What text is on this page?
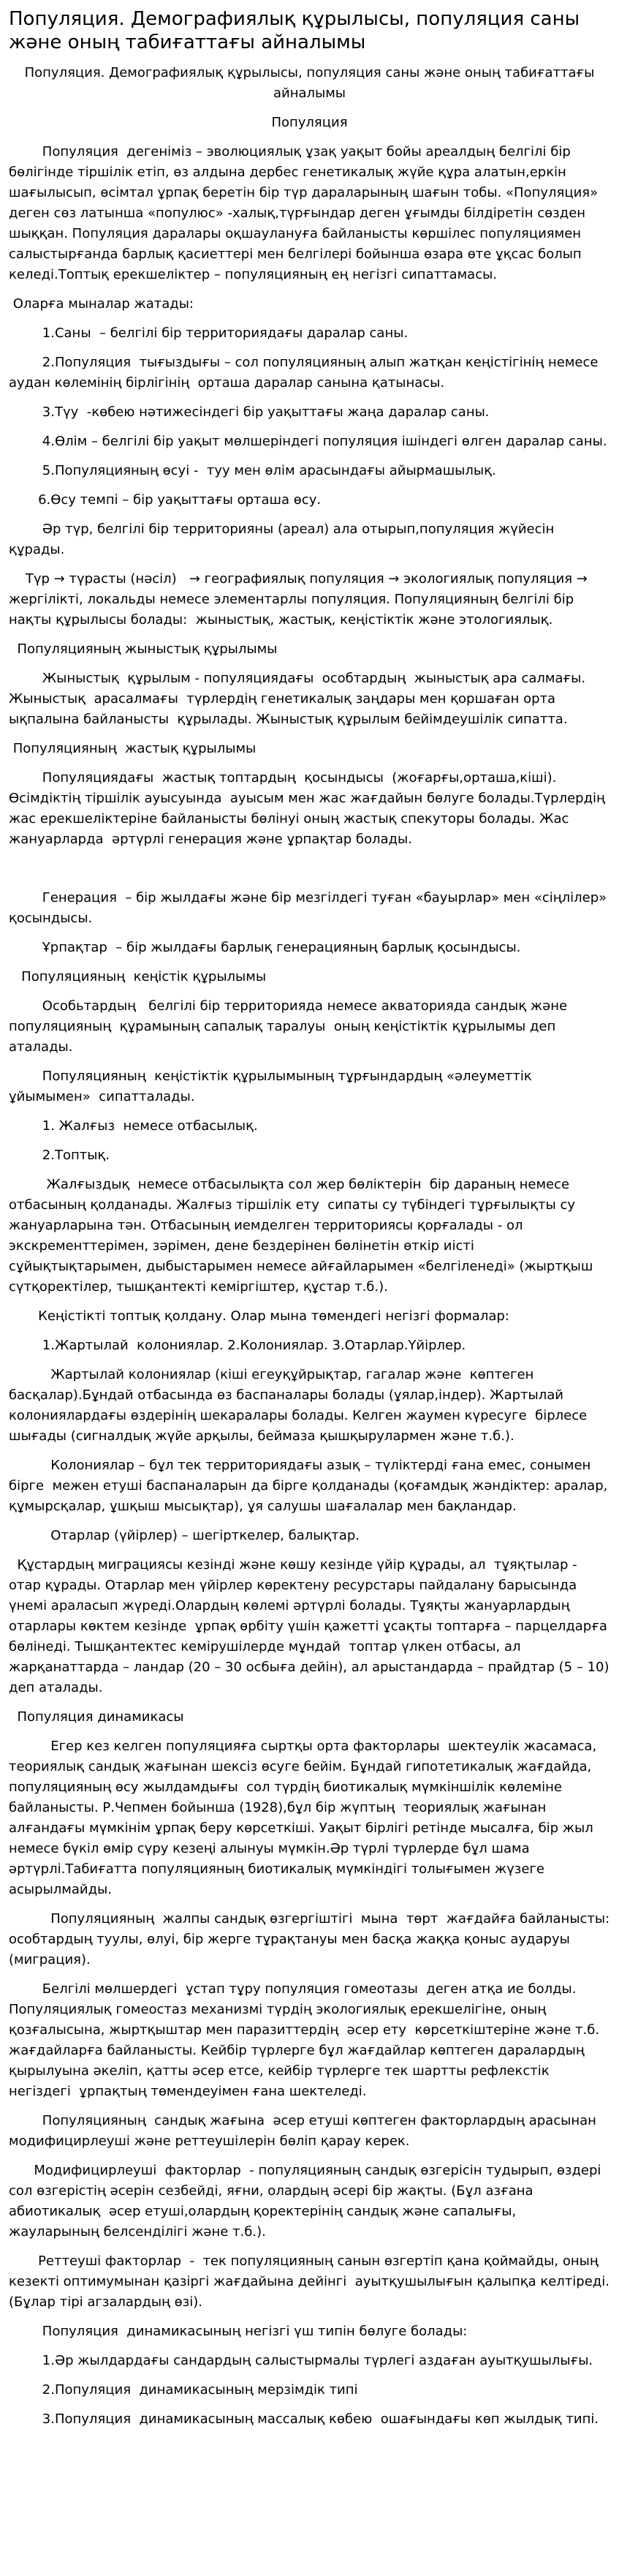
Популяция. Демографиялық құрылысы, популяция саны және оның табиғаттағы айналымы

Популяция. Демографиялық құрылысы, популяция саны және оның табиғаттағы айналымы

Популяция

Популяция  дегеніміз – эволюциялық ұзақ уақыт бойы ареалдың белгілі бір бөлігінде тіршілік етіп, өз алдына дербес генетикалық жүйе құра алатын,еркін шағылысып, өсімтал ұрпақ беретін бір түр дараларының шағын тобы. «Популяция» деген сөз латынша «популюс» -халық,түрғындар деген ұғымды білдіретін сөзден шыққан. Популяция даралары оқшаулануға байланысты көршілес популяциямен салыстырғанда барлық қасиеттері мен белгілері бойынша өзара өте ұқсас болып келеді.Топтық ерекшеліктер – популяцияның ең негізгі сипаттамасы.

Оларға мыналар жатады:

1.Саны  – белгілі бір территориядағы даралар саны.

2.Популяция  тығыздығы – сол популяцияның алып жатқан кеңістігінің немесе аудан көлемінің бірлігінің  орташа даралар санына қатынасы.

3.Түу  -көбею нәтижесіндегі бір уақыттағы жаңа даралар саны.

4.Өлім – белгілі бір уақыт мөлшеріндегі популяция ішіндегі өлген даралар саны.

5.Популяцияның өсуі -  туу мен өлім арасындағы айырмашылық.

6.Өсу темпі – бір уақыттағы орташа өсу.

Әр түр, белгілі бір территорияны (ареал) ала отырып,популяция жүйесін құрады.

Түр → түрасты (нәсіл)   → географиялық популяция → экологиялық популяция → жергілікті, локальды немесе элементарлы популяция. Популяцияның белгілі бір нақты құрылысы болады:  жыныстық, жастық, кеңістіктік және этологиялық.

Популяцияның жыныстық құрылымы

Жыныстық  құрылым - популяциядағы  особтардың  жыныстық ара салмағы. Жыныстық  арасалмағы  түрлердің генетикалық заңдары мен қоршаған орта  ықпалына байланысты  құрылады. Жыныстық құрылым бейімдеушілік сипатта.

Популяцияның  жастық құрылымы

Популяциядағы  жастық топтардың  қосындысы  (жоғарғы,орташа,кіші).  Өсімдіктің тіршілік ауысуында  ауысым мен жас жағдайын бөлуге болады.Түрлердің  жас ерекшеліктеріне байланысты бөлінуі оның жастық спекуторы болады. Жас жануарларда  әртүрлі генерация және ұрпақтар болады.

Генерация  – бір жылдағы және бір мезгілдегі туған «бауырлар» мен «сіңлілер»  қосындысы.

Ұрпақтар  – бір жылдағы барлық генерацияның барлық қосындысы.

Популяцияның  кеңістік құрылымы

Особьтардың   белгілі бір территорияда немесе акваторияда сандық және популяцияның  құрамының сапалық таралуы  оның кеңістіктік құрылымы деп аталады.

Популяцияның  кеңістіктік құрылымының тұрғындардың «әлеуметтік ұйымымен»  сипатталады.

1. Жалғыз  немесе отбасылық.

2.Топтық.

Жалғыздық  немесе отбасылықта сол жер бөліктерін  бір дараның немесе отбасының қолданады. Жалғыз тіршілік ету  сипаты су түбіндегі тұрғылықты су жануарларына тән. Отбасының иемделген территориясы қорғалады - ол экскременттерімен, зәрімен, дене бездерінен бөлінетін өткір иісті сұйықтықтарымен, дыбыстарымен немесе айғайларымен «белгіленеді» (жыртқыш сүтқоректілер, тышқантекті кеміргіштер, құстар т.б.).

Кеңістікті топтық қолдану. Олар мына төмендегі негізгі формалар:

1.Жартылай  колониялар. 2.Колониялар. 3.Отарлар.Үйірлер.

Жартылай колониялар (кіші егеуқұйрықтар, гагалар және  көптеген басқалар).Бұндай отбасында өз баспаналары болады (ұялар,індер). Жартылай колониялардағы өздерінің шекаралары болады. Келген жаумен күресуге  бірлесе шығады (сигналдық жүйе арқылы, беймаза қышқырулармен және т.б.).

Колониялар – бұл тек территориядағы азық – түліктерді ғана емес, сонымен бірге  межен етуші баспаналарын да бірге қолданады (қоғамдық жәндіктер: аралар, құмырсқалар, ұшқыш мысықтар), ұя салушы шағалалар мен бақландар.

Отарлар (үйірлер) – шегірткелер, балықтар.

Құстардың миграциясы кезінді және көшу кезінде үйір құрады, ал  тұяқтылар - отар құрады. Отарлар мен үйірлер көректену ресурстары пайдалану барысында үнемі араласып жүреді.Олардың көлемі әртүрлі болады. Тұяқты жануарлардың отарлары көктем кезінде  ұрпақ өрбіту үшін қажетті ұсақты топтарға – парцелдарға бөлінеді. Тышқантектес кемірушілерде мұндай  топтар үлкен отбасы, ал жарқанаттарда – ландар (20 – 30 осбыға дейін), ал арыстандарда – прайдтар (5 – 10) деп аталады.

Популяция динамикасы

Егер кез келген популяцияға сыртқы орта факторлары  шектеулік жасамаса, теориялық сандық жағынан шексіз өсуге бейім. Бұндай гипотетикалық жағдайда, популяцияның өсу жылдамдығы  сол түрдің биотикалық мүмкіншілік көлеміне байланысты. Р.Чепмен бойынша (1928),бұл бір жүптың  теориялық жағынан алғандағы мүмкінім ұрпақ беру көрсеткіші. Уақыт бірлігі ретінде мысалға, бір жыл немесе бүкіл өмір сүру кезеңі алынуы мүмкін.Әр түрлі түрлерде бұл шама әртүрлі.Табиғатта популяцияның биотикалық мүмкіндігі толығымен жүзеге асырылмайды.

Популяцияның  жалпы сандық өзгергіштігі  мына  төрт  жағдайға байланысты:  особтардың туулы, өлуі, бір жерге тұрақтануы мен басқа жаққа қоныс аударуы (миграция).

Белгілі мөлшердегі  ұстап тұру популяция гомеотазы  деген атқа ие болды. Популяциялық гомеостаз механизмі түрдің экологиялық ерекшелігіне, оның қозғалысына, жыртқыштар мен паразиттердің  әсер ету  көрсеткіштеріне және т.б. жағдайларға байланысты. Кейбір түрлерге бұл жағдайлар көптеген даралардың қырылуына әкеліп, қатты әсер етсе, кейбір түрлерге тек шартты рефлекстік негіздегі  ұрпақтың төмендеуімен ғана шектеледі.

Популяцияның  сандық жағына  әсер етуші көптеген факторлардың арасынан модифицирлеуші және реттеушілерін бөліп қарау керек.

Модифицирлеуші  факторлар  - популяцияның сандық өзгерісін тудырып, өздері сол өзгерістің әсерін сезбейді, яғни, олардың әсері бір жақты. (Бұл азғана абиотикалық  әсер етуші,олардың қоректерінің сандық және сапалығы, жауларының белсенділігі және т.б.).

Реттеуші факторлар  -  тек популяцияның санын өзгертіп қана қоймайды, оның  кезекті оптимумынан қазіргі жағдайына дейінгі  ауытқушылығын қалыпқа келтіреді. (Бұлар тірі агзалардың өзі).

Популяция  динамикасының негізгі үш типін бөлуге болады:

1.Әр жылдардағы сандардың салыстырмалы түрлегі аздаған ауытқушылығы.

2.Популяция  динамикасының мерзімдік типі

3.Популяция  динамикасының массалық көбею  ошағындағы көп жылдық типі.
